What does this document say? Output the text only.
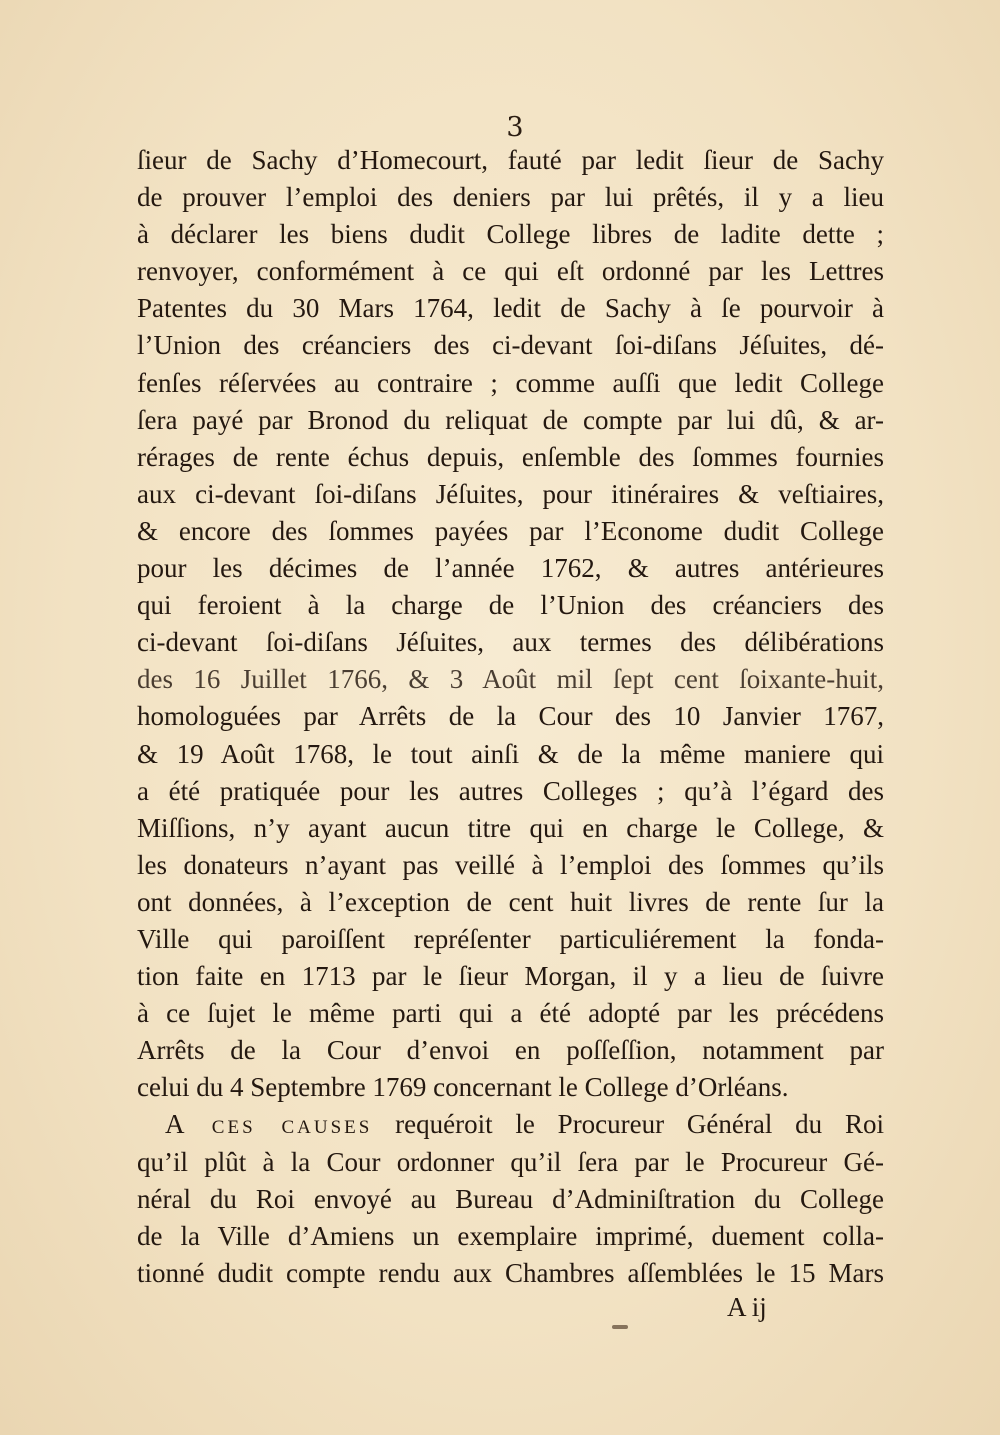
3
ſieur de Sachy d’Homecourt, fauté par ledit ſieur de Sachy
de prouver l’emploi des deniers par lui prêtés, il y a lieu
à déclarer les biens dudit College libres de ladite dette ;
renvoyer, conformément à ce qui eſt ordonné par les Lettres
Patentes du 30 Mars 1764, ledit de Sachy à ſe pourvoir à
l’Union des créanciers des ci-devant ſoi-diſans Jéſuites, dé-
fenſes réſervées au contraire ; comme auſſi que ledit College
ſera payé par Bronod du reliquat de compte par lui dû, & ar-
rérages de rente échus depuis, enſemble des ſommes fournies
aux ci-devant ſoi-diſans Jéſuites, pour itinéraires & veſtiaires,
& encore des ſommes payées par l’Econome dudit College
pour les décimes de l’année 1762, & autres antérieures
qui feroient à la charge de l’Union des créanciers des
ci-devant ſoi-diſans Jéſuites, aux termes des délibérations
des 16 Juillet 1766, & 3 Août mil ſept cent ſoixante-huit,
homologuées par Arrêts de la Cour des 10 Janvier 1767,
& 19 Août 1768, le tout ainſi & de la même maniere qui
a été pratiquée pour les autres Colleges ; qu’à l’égard des
Miſſions, n’y ayant aucun titre qui en charge le College, &
les donateurs n’ayant pas veillé à l’emploi des ſommes qu’ils
ont données, à l’exception de cent huit livres de rente ſur la
Ville qui paroiſſent repréſenter particuliérement la fonda-
tion faite en 1713 par le ſieur Morgan, il y a lieu de ſuivre
à ce ſujet le même parti qui a été adopté par les précédens
Arrêts de la Cour d’envoi en poſſeſſion, notamment par
celui du 4 Septembre 1769 concernant le College d’Orléans.
A ces causes requéroit le Procureur Général du Roi
qu’il plût à la Cour ordonner qu’il ſera par le Procureur Gé-
néral du Roi envoyé au Bureau d’Adminiſtration du College
de la Ville d’Amiens un exemplaire imprimé, duement colla-
tionné dudit compte rendu aux Chambres aſſemblées le 15 Mars
A ij
